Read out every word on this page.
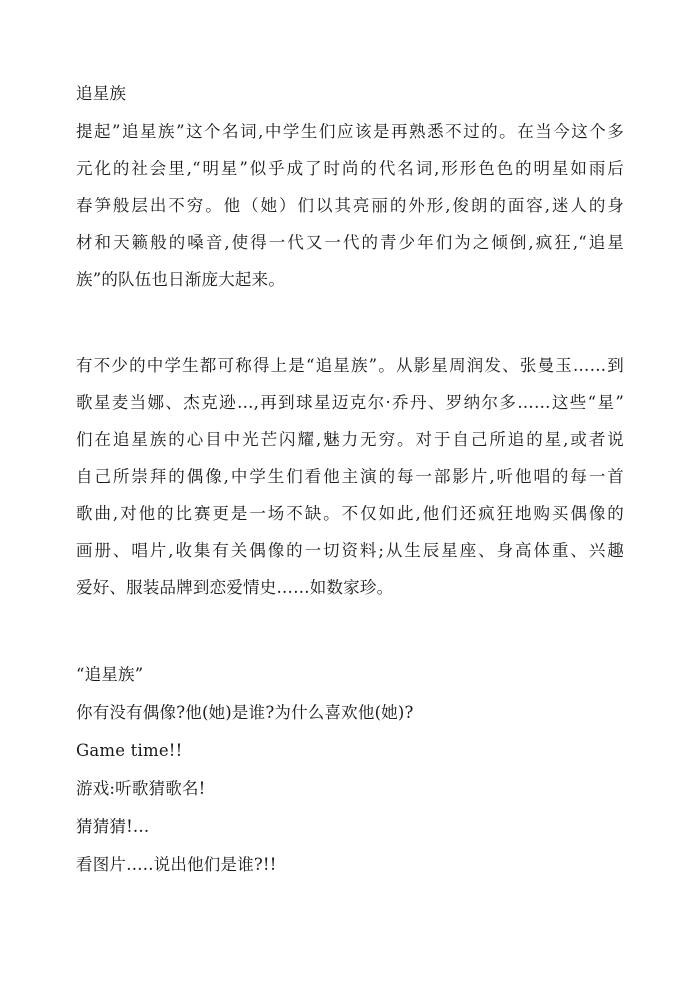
追星族
提起”追星族”这个名词,中学生们应该是再熟悉不过的。在当今这个多
元化的社会里,“明星”似乎成了时尚的代名词,形形色色的明星如雨后
春笋般层出不穷。他（她）们以其亮丽的外形,俊朗的面容,迷人的身
材和天籁般的嗓音,使得一代又一代的青少年们为之倾倒,疯狂,“追星
族”的队伍也日渐庞大起来。
有不少的中学生都可称得上是“追星族”。从影星周润发、张曼玉……到
歌星麦当娜、杰克逊…,再到球星迈克尔·乔丹、罗纳尔多……这些“星”
们在追星族的心目中光芒闪耀,魅力无穷。对于自己所追的星,或者说
自己所崇拜的偶像,中学生们看他主演的每一部影片,听他唱的每一首
歌曲,对他的比赛更是一场不缺。不仅如此,他们还疯狂地购买偶像的
画册、唱片,收集有关偶像的一切资料;从生辰星座、身高体重、兴趣
爱好、服装品牌到恋爱情史……如数家珍。
“追星族”
你有没有偶像?他(她)是谁?为什么喜欢他(她)?
Game time!!
游戏:听歌猜歌名!
猜猜猜!...
看图片…..说出他们是谁?!!
